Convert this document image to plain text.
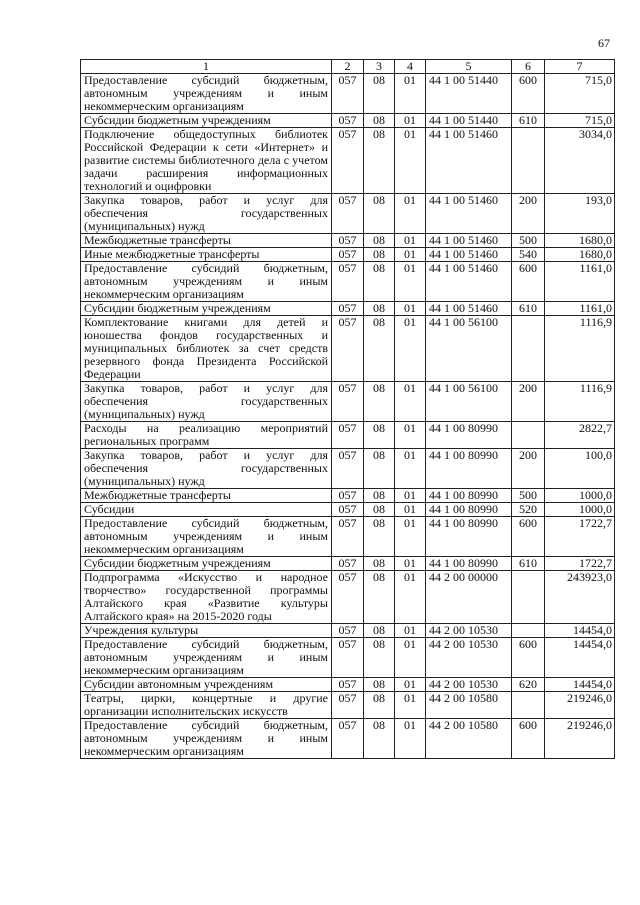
67
1	2	3	4	5	6	7
Предоставление субсидий бюджетным, автономным учреждениям и иным некоммерческим организациям	057	08	01	44 1 00 51440	600	715,0
Субсидии бюджетным учреждениям	057	08	01	44 1 00 51440	610	715,0
Подключение общедоступных библиотек Российской Федерации к сети «Интернет» и развитие системы библиотечного дела с учетом задачи расширения информационных технологий и оцифровки	057	08	01	44 1 00 51460		3034,0
Закупка товаров, работ и услуг для обеспечения государственных (муниципальных) нужд	057	08	01	44 1 00 51460	200	193,0
Межбюджетные трансферты	057	08	01	44 1 00 51460	500	1680,0
Иные межбюджетные трансферты	057	08	01	44 1 00 51460	540	1680,0
Предоставление субсидий бюджетным, автономным учреждениям и иным некоммерческим организациям	057	08	01	44 1 00 51460	600	1161,0
Субсидии бюджетным учреждениям	057	08	01	44 1 00 51460	610	1161,0
Комплектование книгами для детей и юношества фондов государственных и муниципальных библиотек за счет средств резервного фонда Президента Российской Федерации	057	08	01	44 1 00 56100		1116,9
Закупка товаров, работ и услуг для обеспечения государственных (муниципальных) нужд	057	08	01	44 1 00 56100	200	1116,9
Расходы на реализацию мероприятий региональных программ	057	08	01	44 1 00 80990		2822,7
Закупка товаров, работ и услуг для обеспечения государственных (муниципальных) нужд	057	08	01	44 1 00 80990	200	100,0
Межбюджетные трансферты	057	08	01	44 1 00 80990	500	1000,0
Субсидии	057	08	01	44 1 00 80990	520	1000,0
Предоставление субсидий бюджетным, автономным учреждениям и иным некоммерческим организациям	057	08	01	44 1 00 80990	600	1722,7
Субсидии бюджетным учреждениям	057	08	01	44 1 00 80990	610	1722,7
Подпрограмма «Искусство и народное творчество» государственной программы Алтайского края «Развитие культуры Алтайского края» на 2015-2020 годы	057	08	01	44 2 00 00000		243923,0
Учреждения культуры	057	08	01	44 2 00 10530		14454,0
Предоставление субсидий бюджетным, автономным учреждениям и иным некоммерческим организациям	057	08	01	44 2 00 10530	600	14454,0
Субсидии автономным учреждениям	057	08	01	44 2 00 10530	620	14454,0
Театры, цирки, концертные и другие организации исполнительских искусств	057	08	01	44 2 00 10580		219246,0
Предоставление субсидий бюджетным, автономным учреждениям и иным некоммерческим организациям	057	08	01	44 2 00 10580	600	219246,0
